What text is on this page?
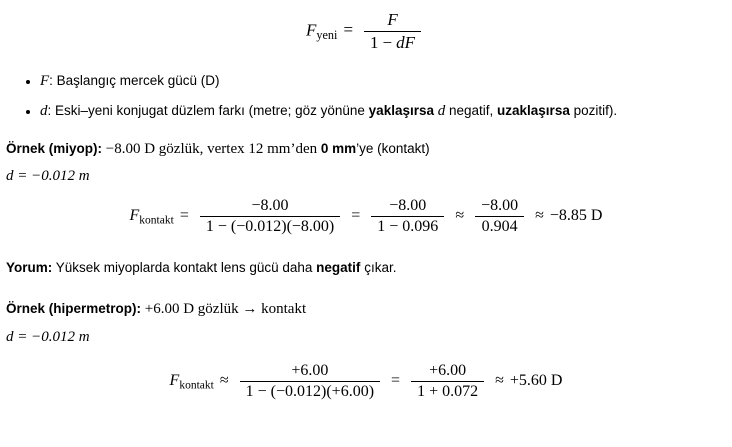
$F_{yeni} = \frac{F}{1 - dF}$
• F: Başlangıç mercek gücü (D)
• d: Eski–yeni konjugat düzlem farkı (metre; göz yönüne yaklaşırsa d negatif, uzaklaşırsa pozitif).
Örnek (miyop): −8.00 D gözlük, vertex 12 mm’den 0 mm’ye (kontakt)
d = −0.012 m
$F_{kontakt} = \frac{-8.00}{1 - (-0.012)(-8.00)} = \frac{-8.00}{1 - 0.096} \approx \frac{-8.00}{0.904} \approx -8.85$ D
Yorum: Yüksek miyoplarda kontakt lens gücü daha negatif çıkar.
Örnek (hipermetrop): +6.00 D gözlük → kontakt
d = −0.012 m
$F_{kontakt} \approx \frac{+6.00}{1 - (-0.012)(+6.00)} = \frac{+6.00}{1 + 0.072} \approx +5.60$ D
